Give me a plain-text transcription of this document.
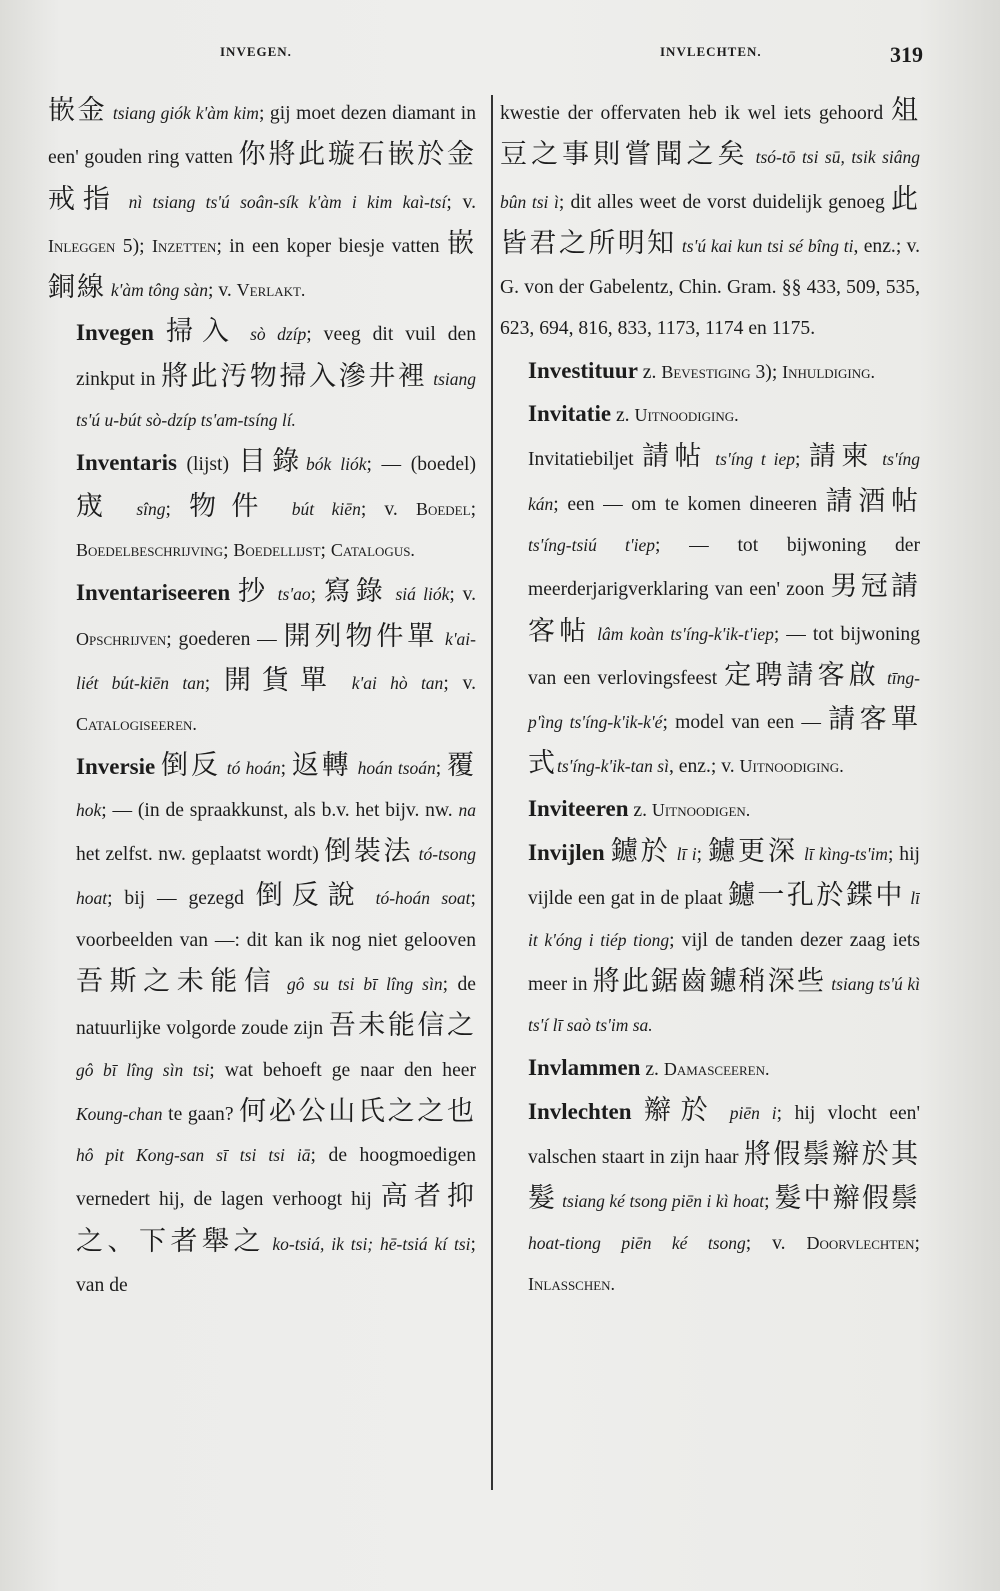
INVEGEN.	INVLECHTEN.	319

嵌金 tsiang giók k'àm kim; gij moet dezen diamant in een' gouden ring vatten 你將此璇石嵌於金戒指 nì tsiang ts'ú soân-sík k'àm i kim kaì-tsí; v. Inleggen 5); Inzetten; in een koper biesje vatten 嵌銅線 k'àm tông sàn; v. Verlakt.

Invegen 掃入 sò dzíp; veeg dit vuil den zinkput in 將此汚物掃入滲井裡 tsiang ts'ú u-bút sò-dzíp ts'am-tsíng lí.

Inventaris (lijst) 目錄bók liók; — (boedel) 宬 sîng; 物件 bút kiēn; v. Boedel; Boedelbeschrijving; Boedellijst; Catalogus.

Inventariseeren 抄 ts'ao; 寫錄 siá liók; v. Opschrijven; goederen — 開列物件單 k'ai-liét bút-kiēn tan; 開貨單 k'ai hò tan; v. Catalogiseeren.

Inversie 倒反 tó hoán; 返轉 hoán tsoán; 覆 hok; — (in de spraakkunst, als b.v. het bijv. nw. na het zelfst. nw. geplaatst wordt) 倒裝法 tó-tsong hoat; bij — gezegd 倒反說 tó-hoán soat; voorbeelden van —: dit kan ik nog niet gelooven 吾斯之未能信 gô su tsi bī lîng sìn; de natuurlijke volgorde zoude zijn 吾未能信之 gô bī lîng sìn tsi; wat behoeft ge naar den heer Koung-chan te gaan? 何必公山氏之之也 hô pit Kong-san sī tsi tsi iā; de hoogmoedigen vernedert hij, de lagen verhoogt hij 高者抑之、下者舉之 ko-tsiá, ik tsi; hē-tsiá kí tsi; van de

kwestie der offervaten heb ik wel iets gehoord 俎豆之事則嘗聞之矣 tsó-tō tsi sū, tsik siâng bûn tsi ì; dit alles weet de vorst duidelijk genoeg 此皆君之所明知 ts'ú kai kun tsi sé bîng ti, enz.; v. G. von der Gabelentz, Chin. Gram. §§ 433, 509, 535, 623, 694, 816, 833, 1173, 1174 en 1175.

Investituur z. Bevestiging 3); Inhuldiging.

Invitatie z. Uitnoodiging.

Invitatiebiljet 請帖 ts'íng t iep; 請柬 ts'íng kán; een — om te komen dineeren 請酒帖 ts'íng-tsiú t'iep; — tot bijwoning der meerderjarigverklaring van een' zoon 男冠請客帖 lâm koàn ts'íng-k'ik-t'iep; — tot bijwoning van een verlovingsfeest 定聘請客啟 tīng-p'ìng ts'íng-k'ik-k'é; model van een — 請客單式ts'íng-k'ik-tan sì, enz.; v. Uitnoodiging.

Inviteeren z. Uitnoodigen.

Invijlen 鑢於 lī i; 鑢更深 lī kìng-ts'im; hij vijlde een gat in de plaat 鑢一孔於鍱中 lī it k'óng i tiép tiong; vijl de tanden dezer zaag iets meer in 將此鋸齒鑢稍深些 tsiang ts'ú kì ts'í lī saò ts'im sa.

Invlammen z. Damasceeren.

Invlechten 辮於 piēn i; hij vlocht een' valschen staart in zijn haar 將假鬃辮於其髮 tsiang ké tsong piēn i kì hoat; 髮中辮假鬃 hoat-tiong piēn ké tsong; v. Doorvlechten; Inlasschen.
